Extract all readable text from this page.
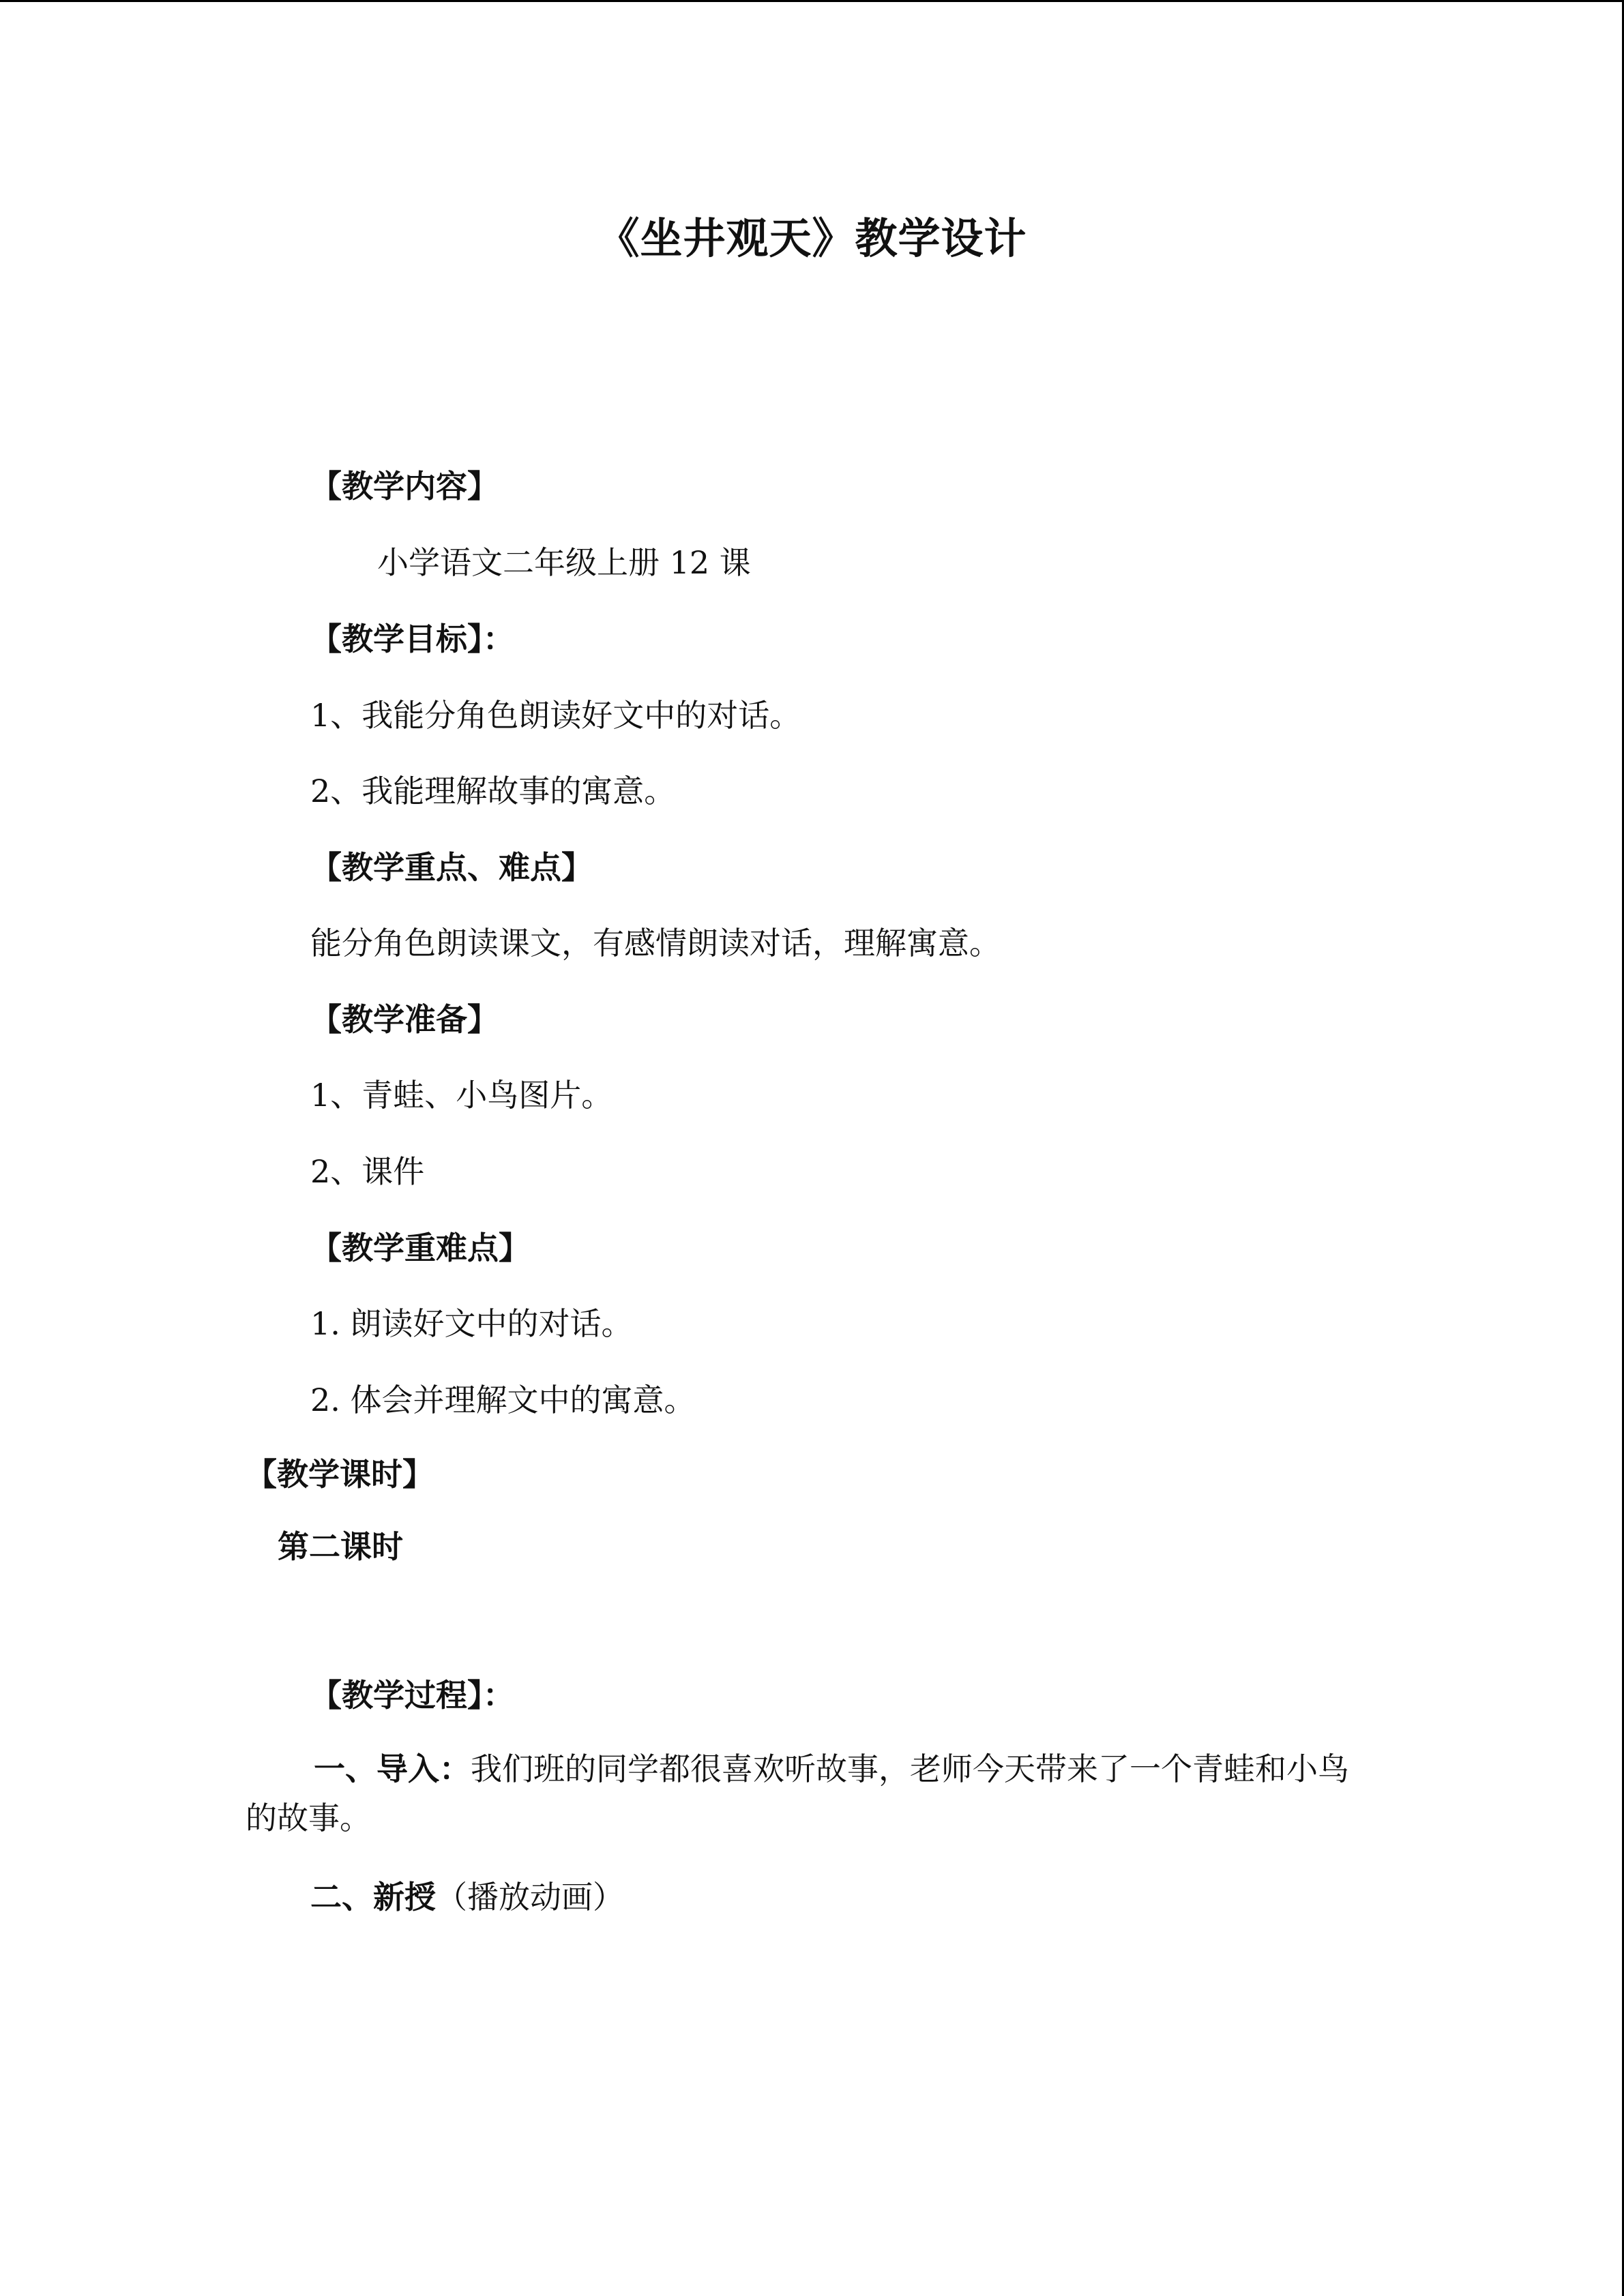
《坐井观天》教学设计
【教学内容】
小学语文二年级上册 12 课
【教学目标】：
1、我能分角色朗读好文中的对话。
2、我能理解故事的寓意。
【教学重点、难点】
能分角色朗读课文，有感情朗读对话，理解寓意。
【教学准备】
1、青蛙、小鸟图片。
2、课件
【教学重难点】
1. 朗读好文中的对话。
2. 体会并理解文中的寓意。
【教学课时】
第二课时
【教学过程】：
一、导入：我们班的同学都很喜欢听故事，老师今天带来了一个青蛙和小鸟的故事。
二、新授（播放动画）
